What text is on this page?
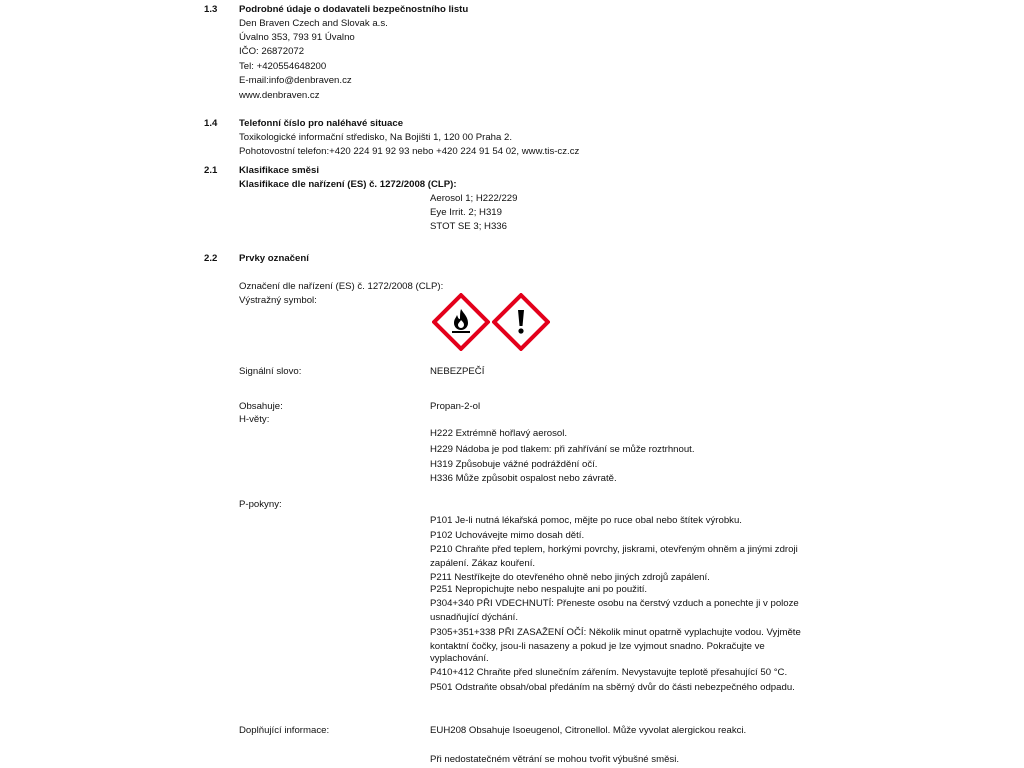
1.3 Podrobné údaje o dodavateli bezpečnostního listu
Den Braven Czech and Slovak a.s.
Úvalno 353, 793 91 Úvalno
IČO: 26872072
Tel: +420554648200
E-mail:info@denbraven.cz
www.denbraven.cz
1.4 Telefonní číslo pro naléhavé situace
Toxikologické informační středisko, Na Bojišti 1, 120 00 Praha 2.
Pohotovostní telefon:+420 224 91 92 93 nebo +420 224 91 54 02, www.tis-cz.cz
2.1 Klasifikace směsi
Klasifikace dle nařízení (ES) č. 1272/2008 (CLP):
Aerosol 1; H222/229
Eye Irrit. 2; H319
STOT SE 3; H336
2.2 Prvky označení
Označení dle nařízení (ES) č. 1272/2008 (CLP):
Výstražný symbol:
Signální slovo:	NEBEZPEČÍ
Obsahuje:	Propan-2-ol
H-věty:
H222 Extrémně hořlavý aerosol.
H229 Nádoba je pod tlakem: při zahřívání se může roztrhnout.
H319 Způsobuje vážné podráždění očí.
H336 Může způsobit ospalost nebo závratě.
P-pokyny:
P101 Je-li nutná lékařská pomoc, mějte po ruce obal nebo štítek výrobku.
P102 Uchovávejte mimo dosah dětí.
P210 Chraňte před teplem, horkými povrchy, jiskrami, otevřeným ohněm a jinými zdroji
zapálení. Zákaz kouření.
P211 Nestříkejte do otevřeného ohně nebo jiných zdrojů zapálení.
P251 Nepropichujte nebo nespalujte ani po použití.
P304+340 PŘI VDECHNUTÍ: Přeneste osobu na čerstvý vzduch a ponechte ji v poloze
usnadňující dýchání.
P305+351+338 PŘI ZASAŽENÍ OČÍ: Několik minut opatrně vyplachujte vodou. Vyjměte
kontaktní čočky, jsou-li nasazeny a pokud je lze vyjmout snadno. Pokračujte ve
vyplachování.
P410+412 Chraňte před slunečním zářením. Nevystavujte teplotě přesahující 50 °C.
P501 Odstraňte obsah/obal předáním na sběrný dvůr do části nebezpečného odpadu.
Doplňující informace:	EUH208 Obsahuje Isoeugenol, Citronellol. Může vyvolat alergickou reakci.
Při nedostatečném větrání se mohou tvořit výbušné směsi.
